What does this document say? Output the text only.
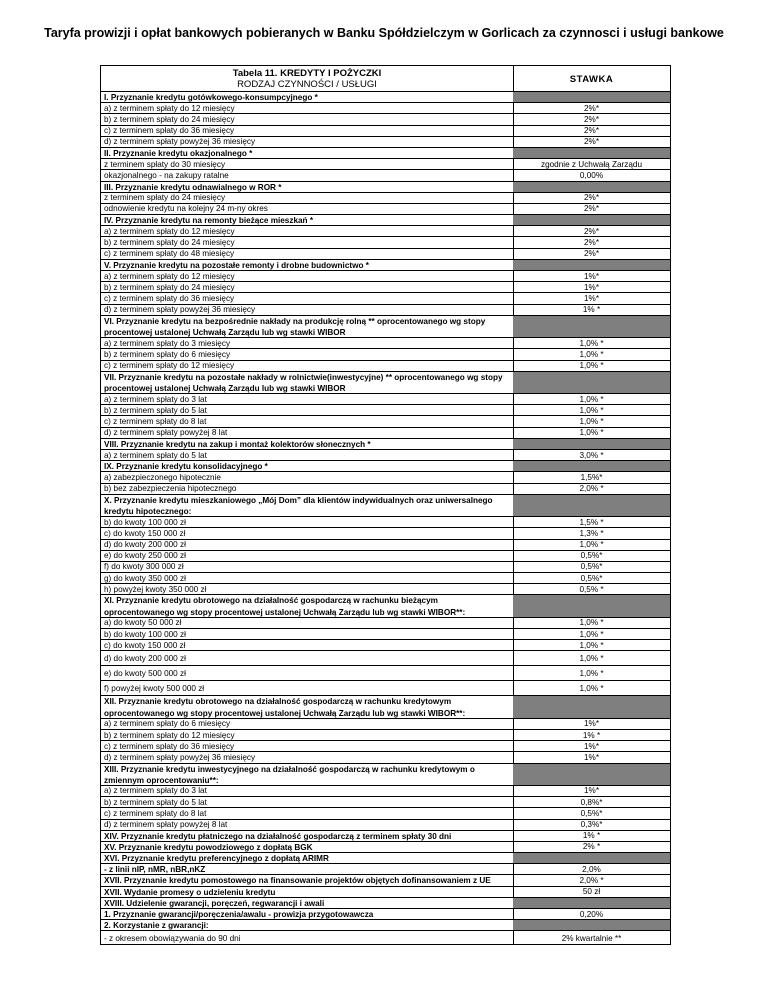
Taryfa prowizji i opłat bankowych pobieranych w Banku Spółdzielczym w Gorlicach za czynnosci i usługi bankowe
Tabela 11. KREDYTY I POŻYCZKI
RODZAJ CZYNNOŚCI / USŁUGI	STAWKA
I. Przyznanie kredytu gotówkowego-konsumpcyjnego *
a) z terminem spłaty do 12 miesięcy	2%*
b) z terminem spłaty do 24 miesięcy	2%*
c) z terminem spłaty do 36 miesięcy	2%*
d) z terminem spłaty powyżej 36 miesięcy	2%*
II. Przyznanie kredytu okazjonalnego *
z terminem spłaty do 30 miesięcy	zgodnie z Uchwałą Zarządu
okazjonalnego - na zakupy ratalne	0,00%
III. Przyznanie kredytu odnawialnego w ROR *
z terminem spłaty do 24 miesięcy	2%*
odnowienie kredytu na kolejny 24 m-ny okres	2%*
IV. Przyznanie kredytu na remonty bieżące mieszkań *
a) z terminem spłaty do 12 miesięcy	2%*
b) z terminem spłaty do 24 miesięcy	2%*
c) z terminem spłaty do 48 miesięcy	2%*
V. Przyznanie kredytu na pozostałe remonty i drobne budownictwo *
a) z terminem spłaty do 12 miesięcy	1%*
b) z terminem spłaty do 24 miesięcy	1%*
c) z terminem spłaty do 36 miesięcy	1%*
d) z terminem spłaty powyżej 36 miesięcy	1% *
VI. Przyznanie kredytu na bezpośrednie nakłady na produkcję rolną ** oprocentowanego wg stopy procentowej ustalonej Uchwałą Zarządu lub wg stawki WIBOR
a) z terminem spłaty do 3 miesięcy	1,0% *
b) z terminem spłaty do 6 miesięcy	1,0% *
c) z terminem spłaty do 12 miesięcy	1,0% *
VII. Przyznanie kredytu na pozostałe nakłady w rolnictwie(inwestycyjne) ** oprocentowanego wg stopy procentowej ustalonej Uchwałą Zarządu lub wg stawki WIBOR
a) z terminem spłaty do 3 lat	1,0% *
b) z terminem spłaty do 5 lat	1,0% *
c) z terminem spłaty do 8 lat	1,0% *
d) z terminem spłaty powyżej 8 lat	1,0% *
VIII. Przyznanie kredytu na zakup i montaż kolektorów słonecznych *
a) z terminem spłaty do 5 lat	3,0% *
IX. Przyznanie kredytu konsolidacyjnego *
a) zabezpieczonego hipotecznie	1,5%*
b) bez zabezpieczenia hipotecznego	2,0% *
X. Przyznanie kredytu mieszkaniowego „Mój Dom” dla klientów indywidualnych oraz uniwersalnego kredytu hipotecznego:
b) do kwoty 100 000 zł	1,5% *
c) do kwoty 150 000 zł	1,3% *
d) do kwoty 200 000 zł	1,0% *
e) do kwoty 250 000 zł	0,5%*
f) do kwoty 300 000 zł	0,5%*
g) do kwoty 350 000 zł	0,5%*
h) powyżej kwoty 350 000 zł	0,5% *
XI. Przyznanie kredytu obrotowego na działalność gospodarczą w rachunku bieżącym oprocentowanego wg stopy procentowej ustalonej Uchwałą Zarządu lub wg stawki WIBOR**:
a) do kwoty 50 000 zł	1,0% *
b) do kwoty 100 000 zł	1,0% *
c) do kwoty 150 000 zł	1,0% *
d) do kwoty 200 000 zł	1,0% *
e) do kwoty 500 000 zł	1,0% *
f) powyżej kwoty 500 000 zł	1,0% *
XII. Przyznanie kredytu obrotowego na działalność gospodarczą w rachunku kredytowym oprocentowanego wg stopy procentowej ustalonej Uchwałą Zarządu lub wg stawki WIBOR**:
a) z terminem spłaty do 6 miesięcy	1%*
b) z terminem spłaty do 12 miesięcy	1% *
c) z terminem spłaty do 36 miesięcy	1%*
d) z terminem spłaty powyżej 36 miesięcy	1%*
XIII. Przyznanie kredytu inwestycyjnego na działalność gospodarczą w rachunku kredytowym o zmiennym oprocentowaniu**:
a) z terminem spłaty do 3 lat	1%*
b) z terminem spłaty do 5 lat	0,8%*
c) z terminem spłaty do 8 lat	0,5%*
d) z terminem spłaty powyżej 8 lat	0,3%*
XIV. Przyznanie kredytu płatniczego na działalność gospodarczą z terminem spłaty 30 dni	1% *
XV. Przyznanie kredytu powodziowego z dopłatą BGK	2% *
XVI. Przyznanie kredytu preferencyjnego z dopłatą ARIMR
- z linii nIP, nMR, nBR,nKZ	2,0%
XVII. Przyznanie kredytu pomostowego na finansowanie projektów objętych dofinansowaniem z UE	2,0% *
XVII. Wydanie promesy o udzieleniu kredytu	50 zł
XVIII. Udzielenie gwarancji, poręczeń, regwarancji i awali
1. Przyznanie gwarancji/poręczenia/awalu - prowizja przygotowawcza	0,20%
2. Korzystanie z gwarancji:
- z okresem obowiązywania do 90 dni	2% kwartalnie **
